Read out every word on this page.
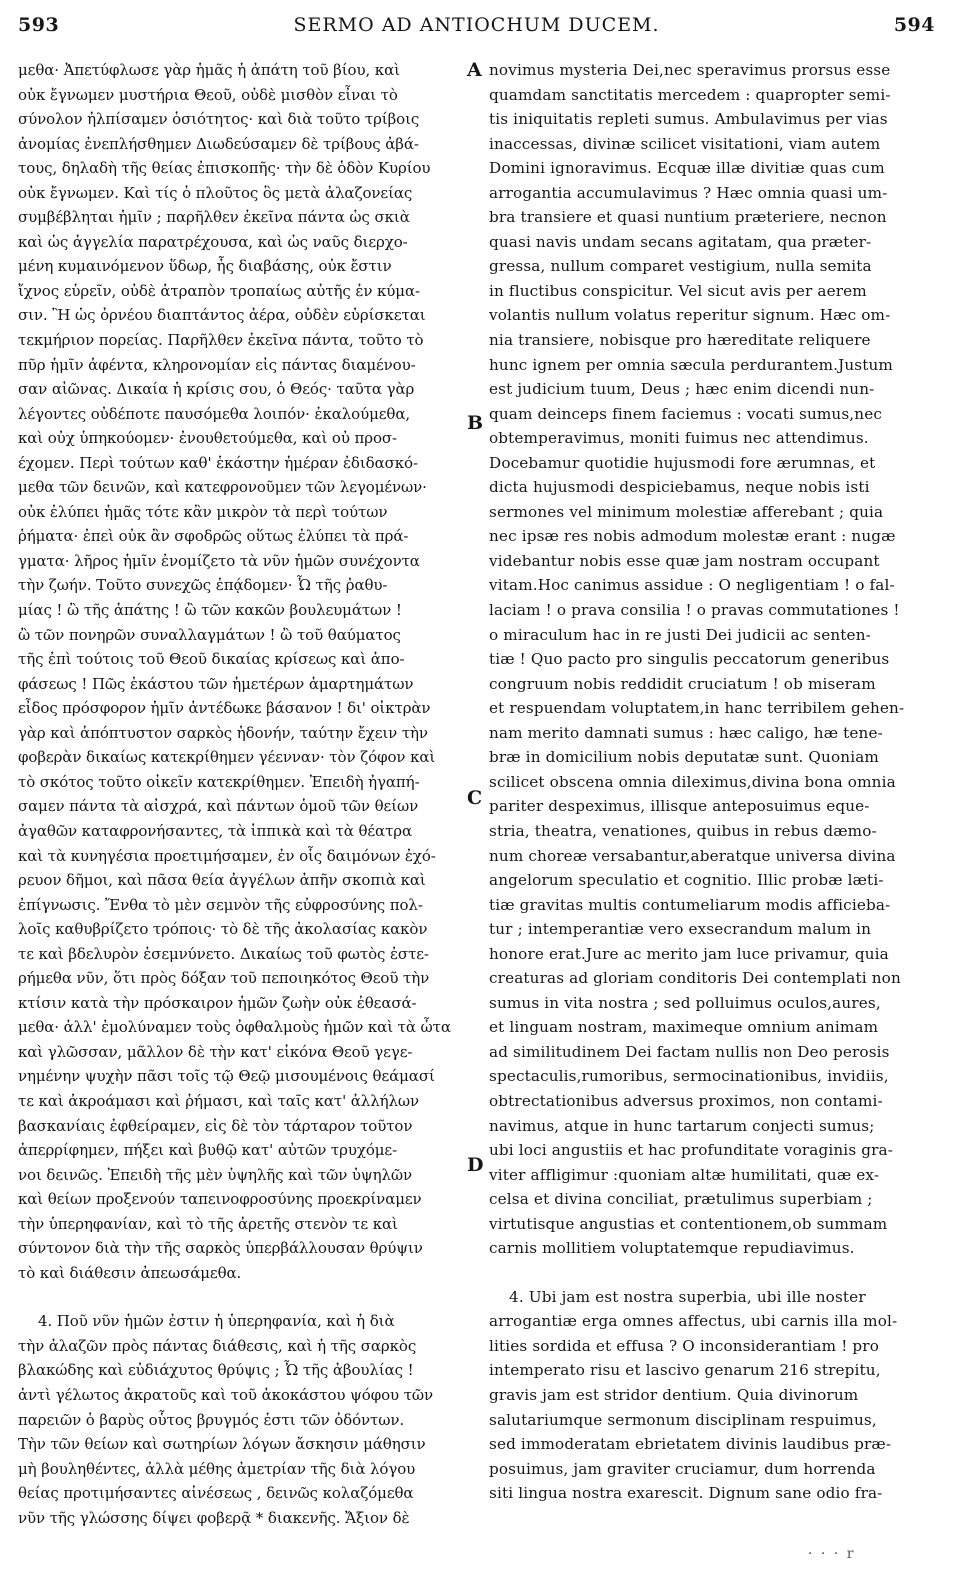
593	SERMO AD ANTIOCHUM DUCEM.	594
μεθα· Ἀπετύφλωσε γὰρ ἡμᾶς ἡ ἀπάτη τοῦ βίου, καὶ
οὐκ ἔγνωμεν μυστήρια Θεοῦ, οὐδὲ μισθὸν εἶναι τὸ
σύνολον ἠλπίσαμεν ὁσιότητος· καὶ διὰ τοῦτο τρίβοις
ἀνομίας ἐνεπλήσθημεν Διωδεύσαμεν δὲ τρίβους ἀβά-
τους, δηλαδὴ τῆς θείας ἐπισκοπῆς· τὴν δὲ ὁδὸν Κυρίου
οὐκ ἔγνωμεν. Καὶ τίς ὁ πλοῦτος ὃς μετὰ ἀλαζονείας
συμβέβληται ἡμῖν ; παρῆλθεν ἐκεῖνα πάντα ὡς σκιὰ
καὶ ὡς ἀγγελία παρατρέχουσα, καὶ ὡς ναῦς διερχο-
μένη κυμαινόμενον ὕδωρ, ἧς διαβάσης, οὐκ ἔστιν
ἴχνος εὑρεῖν, οὐδὲ ἀτραπὸν τροπαίως αὐτῆς ἐν κύμα-
σιν. Ἢ ὡς ὀρνέου διαπτάντος ἀέρα, οὐδὲν εὑρίσκεται
τεκμήριον πορείας. Παρῆλθεν ἐκεῖνα πάντα, τοῦτο τὸ
πῦρ ἡμῖν ἀφέντα, κληρονομίαν εἰς πάντας διαμένου-
σαν αἰῶνας. Δικαία ἡ κρίσις σου, ὁ Θεός· ταῦτα γὰρ
λέγοντες οὐδέποτε παυσόμεθα λοιπόν· ἐκαλούμεθα,
καὶ οὐχ ὑπηκούομεν· ἐνουθετούμεθα, καὶ οὐ προσ-
έχομεν. Περὶ τούτων καθ' ἑκάστην ἡμέραν ἐδιδασκό-
μεθα τῶν δεινῶν, καὶ κατεφρονοῦμεν τῶν λεγομένων·
οὐκ ἐλύπει ἡμᾶς τότε κἂν μικρὸν τὰ περὶ τούτων
ῥήματα· ἐπεὶ οὐκ ἂν σφοδρῶς οὕτως ἐλύπει τὰ πρά-
γματα· λῆρος ἡμῖν ἐνομίζετο τὰ νῦν ἡμῶν συνέχοντα
τὴν ζωήν. Τοῦτο συνεχῶς ἐπᾴδομεν· Ὦ τῆς ῥαθυ-
μίας ! ὢ τῆς ἀπάτης ! ὢ τῶν κακῶν βουλευμάτων !
ὢ τῶν πονηρῶν συναλλαγμάτων ! ὢ τοῦ θαύματος
τῆς ἐπὶ τούτοις τοῦ Θεοῦ δικαίας κρίσεως καὶ ἀπο-
φάσεως ! Πῶς ἑκάστου τῶν ἡμετέρων ἁμαρτημάτων
εἶδος πρόσφορον ἡμῖν ἀντέδωκε βάσανον ! δι' οἰκτρὰν
γὰρ καὶ ἀπόπτυστον σαρκὸς ἡδονήν, ταύτην ἔχειν τὴν
φοβερὰν δικαίως κατεκρίθημεν γέενναν· τὸν ζόφον καὶ
τὸ σκότος τοῦτο οἰκεῖν κατεκρίθημεν. Ἐπειδὴ ἠγαπή-
σαμεν πάντα τὰ αἰσχρά, καὶ πάντων ὁμοῦ τῶν θείων
ἀγαθῶν καταφρονήσαντες, τὰ ἱππικὰ καὶ τὰ θέατρα
καὶ τὰ κυνηγέσια προετιμήσαμεν, ἐν οἷς δαιμόνων ἐχό-
ρευον δῆμοι, καὶ πᾶσα θεία ἀγγέλων ἀπῆν σκοπιὰ καὶ
ἐπίγνωσις. Ἔνθα τὸ μὲν σεμνὸν τῆς εὐφροσύνης πολ-
λοῖς καθυβρίζετο τρόποις· τὸ δὲ τῆς ἀκολασίας κακὸν
τε καὶ βδελυρὸν ἐσεμνύνετο. Δικαίως τοῦ φωτὸς ἐστε-
ρήμεθα νῦν, ὅτι πρὸς δόξαν τοῦ πεποιηκότος Θεοῦ τὴν
κτίσιν κατὰ τὴν πρόσκαιρον ἡμῶν ζωὴν οὐκ ἐθεασά-
μεθα· ἀλλ' ἐμολύναμεν τοὺς ὀφθαλμοὺς ἡμῶν καὶ τὰ ὦτα
καὶ γλῶσσαν, μᾶλλον δὲ τὴν κατ' εἰκόνα Θεοῦ γεγε-
νημένην ψυχὴν πᾶσι τοῖς τῷ Θεῷ μισουμένοις θεάμασί
τε καὶ ἀκροάμασι καὶ ῥήμασι, καὶ ταῖς κατ' ἀλλήλων
βασκανίαις ἐφθείραμεν, εἰς δὲ τὸν τάρταρον τοῦτον
ἀπερρίφημεν, πήξει καὶ βυθῷ κατ' αὐτῶν τρυχόμε-
νοι δεινῶς. Ἐπειδὴ τῆς μὲν ὑψηλῆς καὶ τῶν ὑψηλῶν
καὶ θείων προξενούν ταπεινοφροσύνης προεκρίναμεν
τὴν ὑπερηφανίαν, καὶ τὸ τῆς ἀρετῆς στενὸν τε καὶ
σύντονον διὰ τὴν τῆς σαρκὸς ὑπερβάλλουσαν θρύψιν
τὸ καὶ διάθεσιν ἀπεωσάμεθα.
4. Ποῦ νῦν ἡμῶν ἐστιν ἡ ὑπερηφανία, καὶ ἡ διὰ
τὴν ἀλαζῶν πρὸς πάντας διάθεσις, καὶ ἡ τῆς σαρκὸς
βλακώδης καὶ εὐδιάχυτος θρύψις ; Ὦ τῆς ἀβουλίας !
ἀντὶ γέλωτος ἀκρατοῦς καὶ τοῦ ἀκοκάστου ψόφου τῶν
παρειῶν ὁ βαρὺς οὗτος βρυγμός ἐστι τῶν ὀδόντων.
Τὴν τῶν θείων καὶ σωτηρίων λόγων ἄσκησιν μάθησιν
μὴ βουληθέντες, ἀλλὰ μέθης ἀμετρίαν τῆς διὰ λόγου
θείας προτιμήσαντες αἰνέσεως , δεινῶς κολαζόμεθα
νῦν τῆς γλώσσης δίψει φοβερᾷ * διακενῆς. Ἄξιον δὲ
novimus mysteria Dei,nec speravimus prorsus esse
quamdam sanctitatis mercedem : quapropter semi-
tis iniquitatis repleti sumus. Ambulavimus per vias
inaccessas, divinæ scilicet visitationi, viam autem
Domini ignoravimus. Ecquæ illæ divitiæ quas cum
arrogantia accumulavimus ? Hæc omnia quasi um-
bra transiere et quasi nuntium præteriere, necnon
quasi navis undam secans agitatam, qua præter-
gressa, nullum comparet vestigium, nulla semita
in fluctibus conspicitur. Vel sicut avis per aerem
volantis nullum volatus reperitur signum. Hæc om-
nia transiere, nobisque pro hæreditate reliquere
hunc ignem per omnia sæcula perdurantem.Justum
est judicium tuum, Deus ; hæc enim dicendi nun-
quam deinceps finem faciemus : vocati sumus,nec
obtemperavimus, moniti fuimus nec attendimus.
Docebamur quotidie hujusmodi fore ærumnas, et
dicta hujusmodi despiciebamus, neque nobis isti
sermones vel minimum molestiæ afferebant ; quia
nec ipsæ res nobis admodum molestæ erant : nugæ
videbantur nobis esse quæ jam nostram occupant
vitam.Hoc canimus assidue : O negligentiam ! o fal-
laciam ! o prava consilia ! o pravas commutationes !
o miraculum hac in re justi Dei judicii ac senten-
tiæ ! Quo pacto pro singulis peccatorum generibus
congruum nobis reddidit cruciatum ! ob miseram
et respuendam voluptatem,in hanc terribilem gehen-
nam merito damnati sumus : hæc caligo, hæ tene-
bræ in domicilium nobis deputatæ sunt. Quoniam
scilicet obscena omnia dileximus,divina bona omnia
pariter despeximus, illisque anteposuimus eque-
stria, theatra, venationes, quibus in rebus dæmo-
num choreæ versabantur,aberatque universa divina
angelorum speculatio et cognitio. Illic probæ læti-
tiæ gravitas multis contumeliarum modis afficieba-
tur ; intemperantiæ vero exsecrandum malum in
honore erat.Jure ac merito jam luce privamur, quia
creaturas ad gloriam conditoris Dei contemplati non
sumus in vita nostra ; sed polluimus oculos,aures,
et linguam nostram, maximeque omnium animam
ad similitudinem Dei factam nullis non Deo perosis
spectaculis,rumoribus, sermocinationibus, invidiis,
obtrectationibus adversus proximos, non contami-
navimus, atque in hunc tartarum conjecti sumus;
ubi loci angustiis et hac profunditate voraginis gra-
viter affligimur :quoniam altæ humilitati, quæ ex-
celsa et divina conciliat, prætulimus superbiam ;
virtutisque angustias et contentionem,ob summam
carnis mollitiem voluptatemque repudiavimus.
4. Ubi jam est nostra superbia, ubi ille noster
arrogantiæ erga omnes affectus, ubi carnis illa mol-
lities sordida et effusa ? O inconsiderantiam ! pro
intemperato risu et lascivo genarum 216 strepitu,
gravis jam est stridor dentium. Quia divinorum
salutariumque sermonum disciplinam respuimus,
sed immoderatam ebrietatem divinis laudibus præ-
posuimus, jam graviter cruciamur, dum horrenda
siti lingua nostra exarescit. Dignum sane odio fra-
A
B
C
D
· · · r
